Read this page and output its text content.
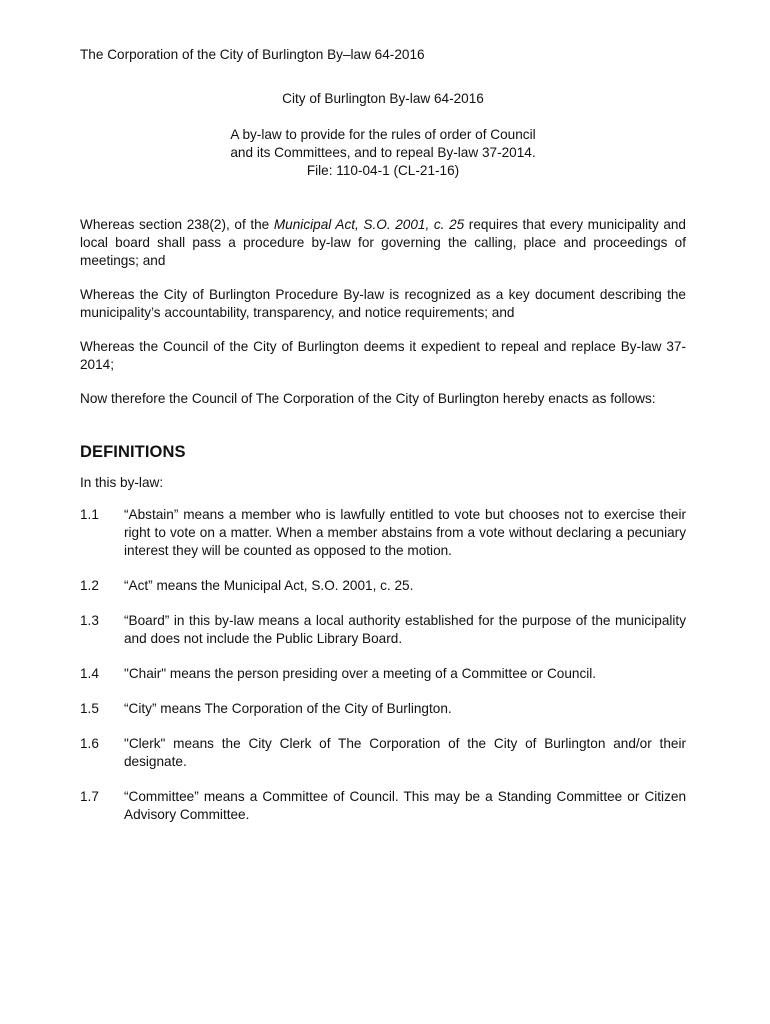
The Corporation of the City of Burlington By–law 64-2016

City of Burlington By-law 64-2016

A by-law to provide for the rules of order of Council

and its Committees, and to repeal By-law 37-2014.

File: 110-04-1 (CL-21-16)

Whereas section 238(2), of the Municipal Act, S.O. 2001, c. 25 requires that every municipality and local board shall pass a procedure by-law for governing the calling, place and proceedings of meetings; and

Whereas the City of Burlington Procedure By-law is recognized as a key document describing the municipality’s accountability, transparency, and notice requirements; and

Whereas the Council of the City of Burlington deems it expedient to repeal and replace By-law 37-2014;

Now therefore the Council of The Corporation of the City of Burlington hereby enacts as follows:

DEFINITIONS

In this by-law:

1.1	“Abstain” means a member who is lawfully entitled to vote but chooses not to exercise their right to vote on a matter. When a member abstains from a vote without declaring a pecuniary interest they will be counted as opposed to the motion.
1.2	“Act” means the Municipal Act, S.O. 2001, c. 25.
1.3	“Board” in this by-law means a local authority established for the purpose of the municipality and does not include the Public Library Board.
1.4	"Chair" means the person presiding over a meeting of a Committee or Council.
1.5	“City” means The Corporation of the City of Burlington.
1.6	"Clerk" means the City Clerk of The Corporation of the City of Burlington and/or their designate.
1.7	“Committee” means a Committee of Council. This may be a Standing Committee or Citizen Advisory Committee.
